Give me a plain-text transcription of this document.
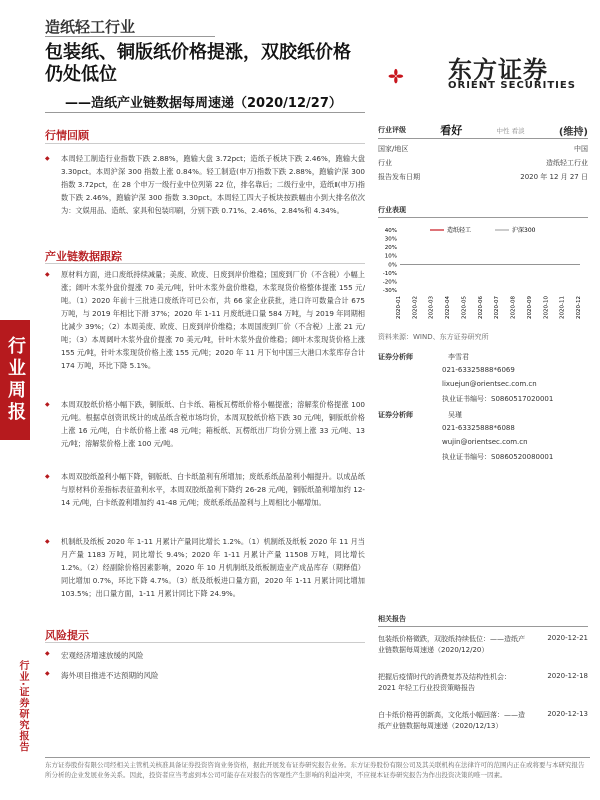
造纸轻工行业
包装纸、铜版纸价格提涨，双胶纸价格仍处低位
——造纸产业链数据每周速递（2020/12/27）
东方证券
ORIENT SECURITIES
行业周报
行业·证券研究报告
行情回顾
本周轻工制造行业指数下跌 2.88%，跑输大盘 3.72pct；造纸子板块下跌 2.46%，跑输大盘 3.30pct。本周沪深 300 指数上涨 0.84%。轻工制造(申万)指数下跌 2.88%，跑输沪深 300 指数 3.72pct，在 28 个申万一级行业中位列第 22 位，排名靠后；二级行业中，造纸Ⅱ(申万)指数下跌 2.46%，跑输沪深 300 指数 3.30pct。本周轻工四大子板块按跌幅由小到大排名依次为：文娱用品、造纸、家具和包装印刷，分别下跌 0.71%、2.46%、2.84%和 4.34%。
产业链数据跟踪
原材料方面，进口废纸持续减量；美废、欧废、日废到岸价维稳；国废到厂价（不含税）小幅上涨；阔叶木浆外盘价提涨 70 美元/吨，针叶木浆外盘价维稳，木浆现货价格整体提涨 155 元/吨。（1）2020 年前十三批进口废纸许可已公布，共 66 家企业获批，进口许可数量合计 675 万吨，与 2019 年相比下滑 37%；2020 年 1-11 月废纸进口量 584 万吨，与 2019 年同期相比减少 39%；（2）本周美废、欧废、日废到岸价维稳；本周国废到厂价（不含税）上涨 21 元/吨；（3）本周阔叶木浆外盘价提涨 70 美元/吨，针叶木浆外盘价维稳；阔叶木浆现货价格上涨 155 元/吨，针叶木浆现货价格上涨 155 元/吨；2020 年 11 月下旬中国三大港口木浆库存合计 174 万吨，环比下降 5.1%。
本周双胶纸价格小幅下跌，铜版纸、白卡纸、箱板瓦楞纸价格小幅提涨；溶解浆价格提涨 100 元/吨。根据卓创资讯统计的成品纸含税市场均价，本周双胶纸价格下跌 30 元/吨，铜版纸价格上涨 16 元/吨，白卡纸价格上涨 48 元/吨；箱板纸、瓦楞纸出厂均价分别上涨 33 元/吨、13 元/吨；溶解浆价格上涨 100 元/吨。
本周双胶纸盈利小幅下降，铜版纸、白卡纸盈利有所增加；废纸系纸品盈利小幅提升。以成品纸与原材料价差指标表征盈利水平，本周双胶纸盈利下降约 26-28 元/吨，铜版纸盈利增加约 12-14 元/吨，白卡纸盈利增加约 41-48 元/吨；废纸系纸品盈利与上周相比小幅增加。
机制纸及纸板 2020 年 1-11 月累计产量同比增长 1.2%。（1）机制纸及纸板 2020 年 11 月当月产量 1183 万吨，同比增长 9.4%；2020 年 1-11 月累计产量 11508 万吨，同比增长 1.2%。（2）经副除价格因素影响，2020 年 10 月机制纸及纸板制造业产成品库存（期释值）同比增加 0.7%，环比下降 4.7%。（3）纸及纸板进口量方面，2020 年 1-11 月累计同比增加 103.5%；出口量方面，1-11 月累计同比下降 24.9%。
风险提示
宏观经济增速放缓的风险
海外项目推进不达预期的风险
行业评级	看好	中性 看淡	(维持)
国家/地区	中国
行业	造纸轻工行业
报告发布日期	2020 年 12 月 27 日
行业表现
造纸轻工	沪深300
40%
30%
20%
10%
0%
-10%
-20%
-30%
2020-01 2020-02 2020-03 2020-04 2020-05 2020-06 2020-07 2020-08 2020-09 2020-10 2020-11 2020-12
资料来源：WIND、东方证券研究所
证券分析师	李雪君
021-63325888*6069
lixuejun@orientsec.com.cn
执业证书编号：S0860517020001
证券分析师	吴瑾
021-63325888*6088
wujin@orientsec.com.cn
执业证书编号：S0860520080001
相关报告
包装纸价格微跌，双胶纸持续低位：——造纸产业链数据每周速递（2020/12/20）
2020-12-21
把握后疫情时代的消费复苏及结构性机会：2021 年轻工行业投资策略报告
2020-12-18
白卡纸价格再创新高，文化纸小幅回落：——造纸产业链数据每周速递（2020/12/13）
2020-12-13
东方证券股份有限公司经相关主管机关核准具备证券投资咨询业务资格，据此开展发布证券研究报告业务。东方证券股份有限公司及其关联机构在法律许可的范围内正在或将要与本研究报告所分析的企业发展业务关系。因此，投资者应当考虑到本公司可能存在对报告的客观性产生影响的利益冲突，不应视本证券研究报告为作出投资决策的唯一因素。
